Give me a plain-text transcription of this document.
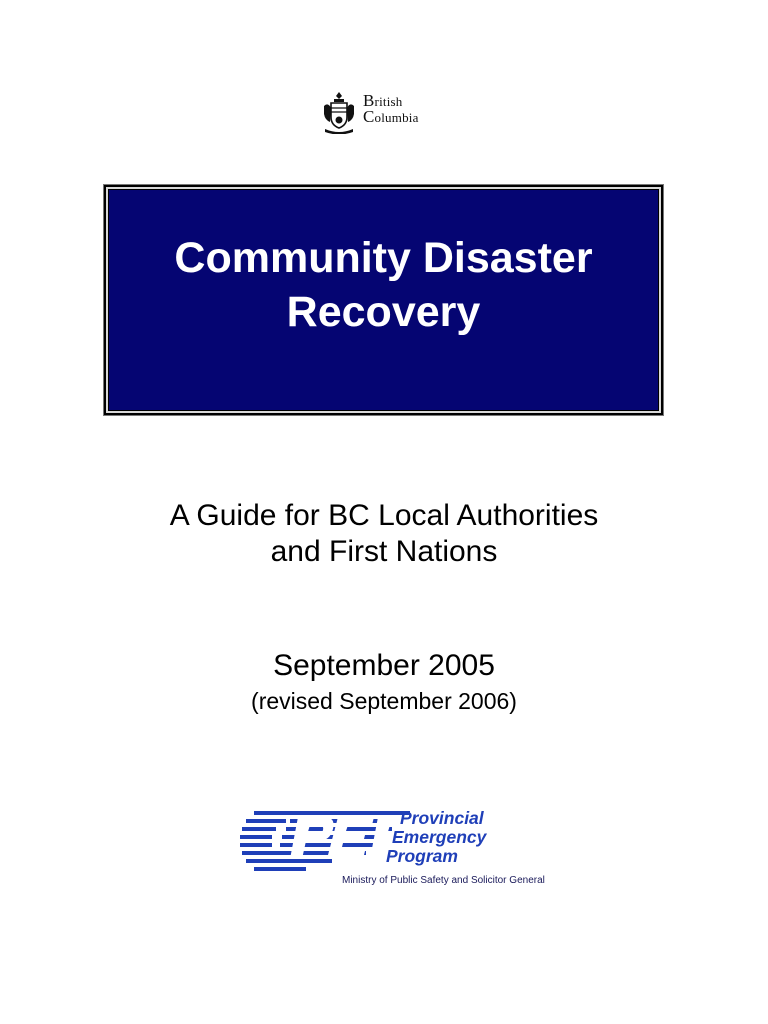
British
Columbia
Community Disaster
Recovery
A Guide for BC Local Authorities
and First Nations
September 2005
(revised September 2006)
Provincial
Emergency
Program
Ministry of Public Safety and Solicitor General
